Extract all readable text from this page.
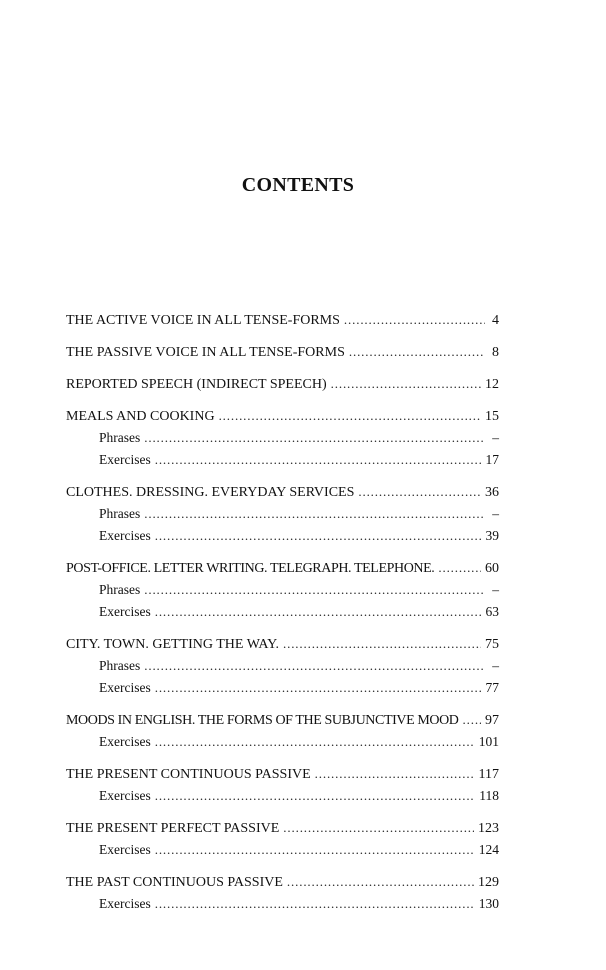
CONTENTS
THE ACTIVE VOICE IN ALL TENSE-FORMS . . .	4
THE PASSIVE VOICE IN ALL TENSE-FORMS . . .	8
REPORTED SPEECH (INDIRECT SPEECH) . . .	12
MEALS AND COOKING . . .	15
Phrases . . .	–
Exercises . . .	17
CLOTHES. DRESSING. EVERYDAY SERVICES . . .	36
Phrases . . .	–
Exercises . . .	39
POST-OFFICE. LETTER WRITING. TELEGRAPH. TELEPHONE. . . .	60
Phrases . . .	–
Exercises . . .	63
CITY. TOWN. GETTING THE WAY. . . .	75
Phrases . . .	–
Exercises . . .	77
MOODS IN ENGLISH. THE FORMS OF THE SUBJUNCTIVE MOOD . . . 97
Exercises . . .	101
THE PRESENT CONTINUOUS PASSIVE . . .	117
Exercises . . .	118
THE PRESENT PERFECT PASSIVE . . .	123
Exercises . . .	124
THE PAST CONTINUOUS PASSIVE . . .	129
Exercises . . .	130
